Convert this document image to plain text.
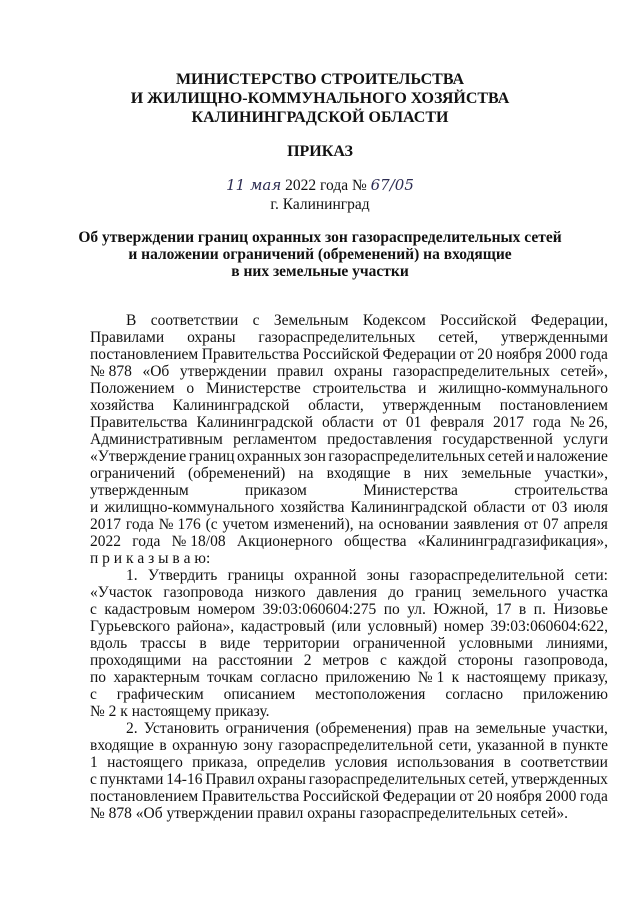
МИНИСТЕРСТВО СТРОИТЕЛЬСТВА
И ЖИЛИЩНО-КОММУНАЛЬНОГО ХОЗЯЙСТВА
КАЛИНИНГРАДСКОЙ ОБЛАСТИ
ПРИКАЗ
11 мая 2022 года № 67/05
г. Калининград
Об утверждении границ охранных зон газораспределительных сетей
и наложении ограничений (обременений) на входящие
в них земельные участки
В соответствии с Земельным Кодексом Российской Федерации,
Правилами охраны газораспределительных сетей, утвержденными
постановлением Правительства Российской Федерации от 20 ноября 2000 года
№ 878 «Об утверждении правил охраны газораспределительных сетей»,
Положением о Министерстве строительства и жилищно-коммунального
хозяйства Калининградской области, утвержденным постановлением
Правительства Калининградской области от 01 февраля 2017 года № 26,
Административным регламентом предоставления государственной услуги
«Утверждение границ охранных зон газораспределительных сетей и наложение
ограничений (обременений) на входящие в них земельные участки»,
утвержденным	приказом	Министерства	строительства
и жилищно-коммунального хозяйства Калининградской области от 03 июля
2017 года № 176 (с учетом изменений), на основании заявления от 07 апреля
2022 года № 18/08 Акционерного общества «Калининградгазификация»,
п р и к а з ы в а ю:
1. Утвердить границы охранной зоны газораспределительной сети:
«Участок газопровода низкого давления до границ земельного участка
с кадастровым номером 39:03:060604:275 по ул. Южной, 17 в п. Низовье
Гурьевского района», кадастровый (или условный) номер 39:03:060604:622,
вдоль трассы в виде территории ограниченной условными линиями,
проходящими на расстоянии 2 метров с каждой стороны газопровода,
по характерным точкам согласно приложению № 1 к настоящему приказу,
с графическим описанием местоположения согласно приложению
№ 2 к настоящему приказу.
2. Установить ограничения (обременения) прав на земельные участки,
входящие в охранную зону газораспределительной сети, указанной в пункте
1 настоящего приказа, определив условия использования в соответствии
с пунктами 14-16 Правил охраны газораспределительных сетей, утвержденных
постановлением Правительства Российской Федерации от 20 ноября 2000 года
№ 878 «Об утверждении правил охраны газораспределительных сетей».
